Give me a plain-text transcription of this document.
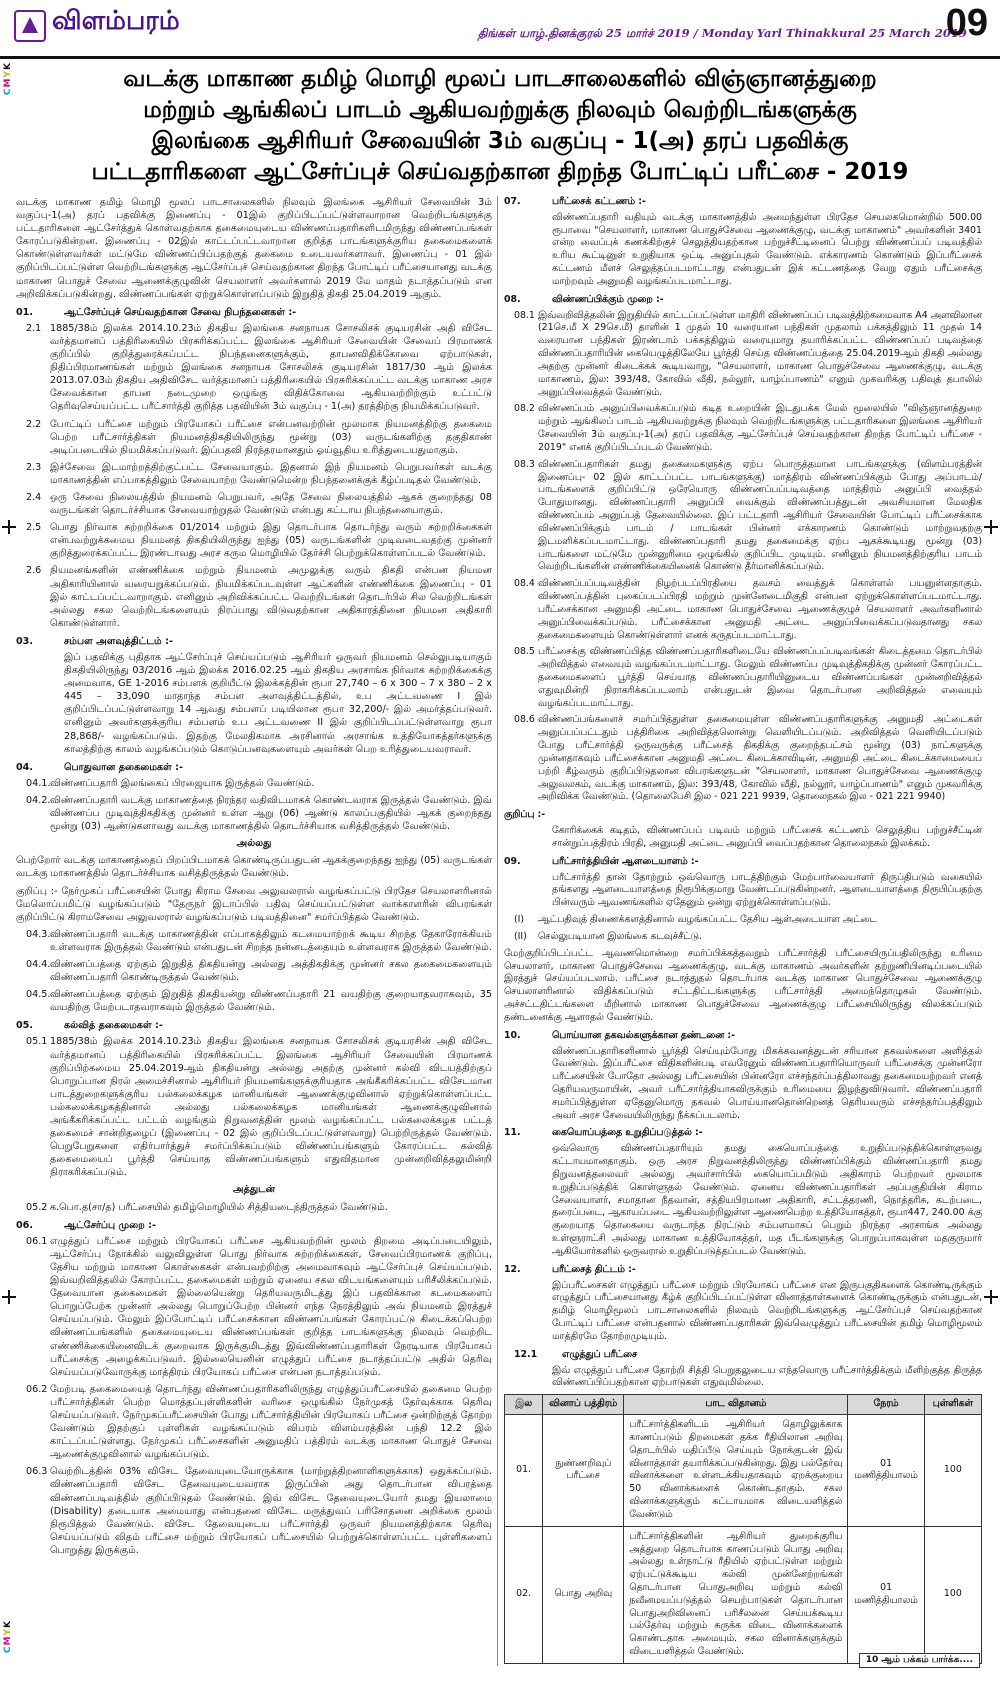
விளம்பரம்	திங்கள் யாழ்.தினக்குரல் 25 மார்ச் 2019 / Monday Yarl Thinakkural 25 March 2019
09
CMYK
CMYK
வடக்கு மாகாண தமிழ் மொழி மூலப் பாடசாலைகளில் விஞ்ஞானத்துறை
மற்றும் ஆங்கிலப் பாடம் ஆகியவற்றுக்கு நிலவும் வெற்றிடங்களுக்கு
இலங்கை ஆசிரியர் சேவையின் 3ம் வகுப்பு - 1(அ) தரப் பதவிக்கு
பட்டதாரிகளை ஆட்சேர்ப்புச் செய்வதற்கான திறந்த போட்டிப் பரீட்சை - 2019

வடக்கு மாகாண தமிழ் மொழி மூலப் பாடசாலைகளில் நிலவும் இலங்கை ஆசிரியர் சேவையின் 3ம் வகுப்பு-1(அ) தரப் பதவிக்கு இணைப்பு - 01இல் குறிப்பிடப்பட்டுள்ளவாறான வெற்றிடங்களுக்கு பட்டதாரிகளை ஆட்சேர்த்துக் கொள்வதற்காக தகைமையுடைய விண்ணப்பதாரிகளிடமிருந்து விண்ணப்பங்கள் கோரப்படுகின்றன. இணைப்பு - 02இல் காட்டப்பட்டவாறான குறித்த பாடங்களுக்குரிய தகைமைகளைக் கொண்டுள்ளவர்கள் மட்டுமே விண்ணப்பிப்பதற்குத் தகைமை உடையவர்களாவர். இணைப்பு - 01 இல் குறிப்பிடப்பட்டுள்ள வெற்றிடங்களுக்கு ஆட்சேர்ப்புச் செய்வதற்கான திறந்த போட்டிப் பரீட்சையானது வடக்கு மாகாண பொதுச் சேவை ஆணைக்குழுவின் செயலாளர் அவர்களால் 2019 மே மாதம் நடாத்தப்படும் என அறிவிக்கப்படுகின்றது. விண்ணப்பங்கள் ஏற்றுக்கொள்ளப்படும் இறுதித் திகதி 25.04.2019 ஆகும்.

01.	ஆட்சேர்ப்புச் செய்வதற்கான சேவை நிபந்தனைகள் :-
2.1 1885/38ம் இலக்க 2014.10.23ம் திகதிய இலங்கை சனநாயக சோசலிசக் குடியரசின் அதி விசேட வர்த்தமானப் பத்திரிகையில் பிரசுரிக்கப்பட்ட இலங்கை ஆசிரியர் சேவையின் சேவைப் பிரமாணக் குறிப்பில் குறித்துரைக்கப்பட்ட நிபந்தனைகளுக்கும், தாபனவிதிக்கோவை ஏற்பாடுகள், நிதிப்பிரமாணங்கள் மற்றும் இலங்கை சனநாயக சோசலிசக் குடியரசின் 1817/30 ஆம் இலக்க 2013.07.03ம் திகதிய அதிவிசேட வர்த்தமானப் பத்திரிகையில் பிரசுரிக்கப்பட்ட வடக்கு மாகாண அரச சேவைக்கான தாபன நடைமுறை ஒழுங்கு விதிக்கோவை ஆகியவற்றிற்கும் உட்பட்டு தெரிவுசெய்யப்பட்ட பரீட்சார்த்தி குறித்த பதவியின் 3ம் வகுப்பு - 1(அ) தரத்திற்கு நியமிக்கப்படுவர்.
2.2 போட்டிப் பரீட்சை மற்றும் பிரயோகப் பரீட்சை என்பனவற்றின் மூலமாக நியமனத்திற்கு தகைமை பெற்ற பரீட்சார்த்திகள் நியமனத்திகதியிலிருந்து மூன்று (03) வருடங்களிற்கு தகுதிகாண் அடிப்படையில் நியமிக்கப்படுவர். இப்பதவி நிரந்தரமானதும் ஓய்வூதிய உரித்துடையதுமாகும்.
2.3 இச்சேவை இடமாற்றத்திற்குட்பட்ட சேவையாகும். இதனால் இந் நியமனம் பெறுபவர்கள் வடக்கு மாகாணத்தின் எப்பாகத்திலும் சேவையாற்ற வேண்டுமென்ற நிபந்தனைக்குக் கீழ்ப்படிதல் வேண்டும்.
2.4 ஒரு சேவை நிலையத்தில் நியமனம் பெறுபவர், அதே சேவை நிலையத்தில் ஆகக் குறைந்தது 08 வருடங்கள் தொடர்ச்சியாக சேவையாற்றுதல் வேண்டும் என்பது கட்டாய நிபந்தனையாகும்.
2.5 பொது நிர்வாக சுற்றறிக்கை 01/2014 மற்றும் இது தொடர்பாக தொடர்ந்து வரும் சுற்றறிக்கைகள் என்பவற்றுக்கமைய நியமனத் திகதியிலிருந்து ஐந்து (05) வருடங்களின் முடிவடைவதற்கு முன்னர் குறித்துரைக்கப்பட்ட இரண்டாவது அரச கரும மொழியில் தேர்ச்சி பெற்றுக்கொள்ளப்படல் வேண்டும்.
2.6 நியமனங்களின் எண்ணிக்கை மற்றும் நியமனம் அமுலுக்கு வரும் திகதி என்பன நியமன அதிகாரியினால் வரையறுக்கப்படும். நியமிக்கப்படவுள்ள ஆட்களின் எண்ணிக்கை இணைப்பு - 01 இல் காட்டப்பட்டவாறாகும். எனினும் அறிவிக்கப்பட்ட வெற்றிடங்கள் தொடர்பில் சில வெற்றிடங்கள் அல்லது சகல வெற்றிடங்களையும் நிரப்பாது விடுவதற்கான அதிகாரத்தினை நியமன அதிகாரி கொண்டுள்ளார்.
03.	சம்பள அளவுத்திட்டம் :-

இப் பதவிக்கு புதிதாக ஆட்சேர்ப்புச் செய்யப்படும் ஆசிரியர் ஒருவர் நியமனம் செல்லுபடியாகும் திகதியிலிருந்து 03/2016 ஆம் இலக்க 2016.02.25 ஆம் திகதிய அரசாங்க நிர்வாக சுற்றறிக்கைக்கு அமைவாக, GE 1-2016 சம்பளக் குறியீட்டு இலக்கத்தின் ரூபா 27,740 – 6 x 300 – 7 x 380 – 2 x 445 – 33,090 மாதாந்த சம்பள அளவுத்திட்டத்தில், உப அட்டவணை I இல் குறிப்பிடப்பட்டுள்ளவாறு 14 ஆவது சம்பளப் படியிலான ரூபா 32,200/- இல் அமர்த்தப்படுவர். எனினும் அவர்களுக்குரிய சம்பளம் உப அட்டவணை II இல் குறிப்பிடப்பட்டுள்ளவாறு ரூபா 28,868/- வழங்கப்படும். இதற்கு மேலதிகமாக அரசினால் அரசாங்க உத்தியோகத்தர்களுக்கு காலத்திற்கு காலம் வழங்கப்படும் கொடுப்பனவுகளையும் அவர்கள் பெற உரித்துடையவராவர்.

04.	பொதுவான தகைமைகள் :-
04.1. விண்ணப்பதாரி இலங்கைப் பிரஜையாக இருத்தல் வேண்டும்.
04.2. விண்ணப்பதாரி வடக்கு மாகாணத்தை நிரந்தர வதிவிடமாகக் கொண்டவராக இருத்தல் வேண்டும். இவ் விண்ணப்ப முடிவுத்திகதிக்கு முன்னர் உள்ள ஆறு (06) ஆண்டு காலப்பகுதியில் ஆகக் குறைந்தது மூன்று (03) ஆண்டுகளாவது வடக்கு மாகாணத்தில் தொடர்ச்சியாக வசித்திருத்தல் வேண்டும்.
அல்லது

பெற்றோர் வடக்கு மாகாணத்தைப் பிறப்பிடமாகக் கொண்டிருப்பதுடன் ஆகக்குறைந்தது ஐந்து (05) வருடங்கள் வடக்கு மாகாணத்தில் தொடர்ச்சியாக வசித்திருத்தல் வேண்டும்.

குறிப்பு :- நேர்முகப் பரீட்சையின் போது கிராம சேவை அலுவலரால் வழங்கப்பட்டு பிரதேச செயலாளரினால் மேலொப்பமிட்டு வழங்கப்படும் "தேருநர் இடாப்பில் பதிவு செய்யப்பட்டுள்ள வாக்காளரின் விபரங்கள் குறிப்பிட்டு கிராமசேவை அலுவலரால் வழங்கப்படும் படிவத்தினை" சமர்ப்பித்தல் வேண்டும்.

04.3. விண்ணப்பதாரி வடக்கு மாகாணத்தின் எப்பாகத்திலும் கடமையாற்றக் கூடிய சிறந்த தேகாரோக்கியம் உள்ளவராக இருத்தல் வேண்டும் என்பதுடன் சிறந்த நன்னடத்தையும் உள்ளவராக இருத்தல் வேண்டும்.
04.4. விண்ணப்பத்தை ஏற்கும் இறுதித் திகதியன்று அல்லது அத்திகதிக்கு முன்னர் சகல தகைமைகளையும் விண்ணப்பதாரி கொண்டிருத்தல் வேண்டும்.
04.5. விண்ணப்பத்தை ஏற்கும் இறுதித் திகதியன்று விண்ணப்பதாரி 21 வயதிற்கு குறையாதவராகவும், 35 வயதிற்கு மேற்படாதவராகவும் இருத்தல் வேண்டும்.
05.	கல்வித் தகைமைகள் :-
05.1 1885/38ம் இலக்க 2014.10.23ம் திகதிய இலங்கை சனநாயக சோசலிசக் குடியரசின் அதி விசேட வர்த்தமானப் பத்திரிகையில் பிரசுரிக்கப்பட்ட இலங்கை ஆசிரியர் சேவையின் பிரமாணக் குறிப்பிற்கமைய 25.04.2019ஆம் திகதியன்று அல்லது அதற்கு முன்னர் கல்வி விடயத்திற்குப் பொறுப்பான நிரல் அமைச்சினால் ஆசிரியர் நியமனங்களுக்குரியதாக அங்கீகரிக்கப்பட்ட விசேடமான பாடத்துறைகளுக்குரிய பல்கலைக்கழக மானியங்கள் ஆணைக்குழுவினால் ஏற்றுக்கொள்ளப்பட்ட பல்கலைக்கழகத்தினால் அல்லது பல்கலைக்கழக மானியங்கள் ஆணைக்குழுவினால் அங்கீகரிக்கப்பட்ட பட்டம் வழங்கும் நிறுவனத்தின் மூலம் வழங்கப்பட்ட பல்கலைக்கழக பட்டத் தகைமைச் சான்றிதழைப் (இணைப்பு - 02 இல் குறிப்பிடப்பட்டுள்ளவாறு) பெற்றிருத்தல் வேண்டும். பெறுபேறுகளை எதிர்பார்த்துச் சமர்ப்பிக்கப்படும் விண்ணப்பங்களும் கோரப்பட்ட கல்வித் தகைமையைப் பூர்த்தி செய்யாத விண்ணப்பங்களும் எதுவிதமான முன்னறிவித்தலுமின்றி நிராகரிக்கப்படும்.
அத்துடன்
05.2 க.பொ.த(சா/த) பரீட்சையில் தமிழ்மொழியில் சித்தியடைந்திருத்தல் வேண்டும்.
06.	ஆட்சேர்ப்பு முறை :-
06.1 எழுத்துப் பரீட்சை மற்றும் பிரயோகப் பரீட்சை ஆகியவற்றின் மூலம் திறமை அடிப்படையிலும், ஆட்சேர்ப்பு நோக்கில் வலுவிலுள்ள பொது நிர்வாக சுற்றறிக்கைகள், சேவைப்பிரமாணக் குறிப்பு, தேசிய மற்றும் மாகாண கொள்கைகள் என்பவற்றிற்கு அமைவாகவும் ஆட்சேர்ப்புச் செய்யப்படும். இவ்வறிவித்தலில் கோரப்பட்ட தகைமைகள் மற்றும் ஏனைய சகல விடயங்களையும் பரிசீலிக்கப்படும். தேவையான தகைமைகள் இல்லையென்று தெரியவருமிடத்து இப் பதவிக்கான கடமைகளைப் பொறுப்பேற்க முன்னர் அல்லது பொறுப்பேற்ற பின்னர் எந்த நேரத்திலும் அவ் நியமனம் இரத்துச் செய்யப்படும். மேலும் இப்போட்டிப் பரீட்சைக்கான விண்ணப்பங்கள் கோரப்பட்டு கிடைக்கப்பெற்ற விண்ணப்பங்களில் தகைமையுடைய விண்ணப்பங்கள் குறித்த பாடங்களுக்கு நிலவும் வெற்றிட எண்ணிக்கையினைவிடக் குறைவாக இருக்குமிடத்து இவ்விண்ணப்பதாரிகள் நேரடியாக பிரயோகப் பரீட்சைக்கு அழைக்கப்படுவர். இல்லையெனின் எழுத்துப் பரீட்சை நடாத்தப்பட்டு அதில் தெரிவு செய்யப்படுவோருக்கு மாத்திரம் பிரயோகப் பரீட்சை என்பன நடாத்தப்படும்.
06.2 மேற்படி தகைமையைத் தொடர்ந்து விண்ணப்பதாரிகளிலிருந்து எழுத்துப்பரீட்சையில் தகைமை பெற்ற பரீட்சார்த்திகள் பெற்ற மொத்தப்புள்ளிகளின் வரிசை ஒழுங்கில் நேர்முகத் தேர்வுக்காக தெரிவு செய்யப்படுவர். நேர்முகப்பரீட்சையின் போது பரீட்சார்த்தியின் பிரயோகப் பரீட்சை ஒன்றிற்குத் தோற்ற வேண்டும் இதற்குப் புள்ளிகள் வழங்கப்படும் விபரம் விளம்பரத்தின் பந்தி 12.2 இல் காட்டப்பட்டுள்ளது. நேர்முகப் பரீட்சைகளின் அனுமதிப் பத்திரம் வடக்கு மாகாண பொதுச் சேவை ஆணைக்குழுவினால் வழங்கப்படும்.
06.3 வெற்றிடத்தின் 03% விசேட தேவையுடையோருக்காக (மாற்றுத்திறனாளிகளுக்காக) ஒதுக்கப்படும். விண்ணப்பதாரி விசேட தேவையுடையவராக இருப்பின் அது தொடர்பான விபரத்தை விண்ணப்படிவத்தில் குறிப்பிடுதல் வேண்டும். இவ் விசேட தேவையுடையோர் தமது இயலாமை (Disability) தடையாக அமையாது என்பதனை விசேட மருத்துவப் பரிசோதனை அறிக்கை மூலம் நிரூபித்தல் வேண்டும். விசேட தேவையுடைய பரீட்சார்த்தி ஒருவர் நியமனத்திற்காக தெரிவு செய்யப்படும் விதம் பரீட்சை மற்றும் பிரயோகப் பரீட்சையில் பெற்றுக்கொள்ளப்பட்ட புள்ளிகளைப் பொறுத்து இருக்கும்.
07.	பரீட்சைக் கட்டணம் :-

விண்ணப்பதாரி வதியும் வடக்கு மாகாணத்தில் அமைந்துள்ள பிரதேச செயலகமொன்றில் 500.00 ரூபாவை "செயலாளர், மாகாண பொதுச்சேவை ஆணைக்குழு, வடக்கு மாகாணம்" அவர்களின் 3401 என்ற வைப்புக் கணக்கிற்குச் செலுத்தியதற்கான பற்றுச்சீட்டினைப் பெற்று விண்ணப்பப் படிவத்தில் உரிய கூட்டினுள் உறுதியாக ஒட்டி அனுப்புதல் வேண்டும். எக்காரணம் கொண்டும் இப்பரீட்சைக் கட்டணம் மீளச் செலுத்தப்படமாட்டாது என்பதுடன் இக் கட்டணத்தை வேறு ஏதும் பரீட்சைக்கு மாற்றவும் அனுமதி வழங்கப்படமாட்டாது.

08.	விண்ணப்பிக்கும் முறை :-
08.1 இவ்வறிவித்தலின் இறுதியில் காட்டப்பட்டுள்ள மாதிரி விண்ணப்பப் படிவத்திற்கமைவாக A4 அளவிலான (21செ.மீ X 29செ.மீ) தாளின் 1 முதல் 10 வரையான பந்திகள் முதலாம் பக்கத்திலும் 11 முதல் 14 வரையான பந்திகள் இரண்டாம் பக்கத்திலும் வரையுமாறு தயாரிக்கப்பட்ட விண்ணப்பப் படிவத்தை விண்ணப்பதாரியின் கையெழுத்திலேயே பூர்த்தி செய்த விண்ணப்பத்தை 25.04.2019ஆம் திகதி அல்லது அதற்கு முன்னர் கிடைக்கக் கூடியவாறு, "செயலாளர், மாகாண பொதுச்சேவை ஆணைக்குழு, வடக்கு மாகாணம், இல: 393/48, கோவில் வீதி, நல்லூர், யாழ்ப்பாணம்" எனும் முகவரிக்கு பதிவுத் தபாலில் அனுப்பிவைத்தல் வேண்டும்.
08.2 விண்ணப்பம் அனுப்பிவைக்கப்படும் கடித உறையின் இடதுபக்க மேல் மூலையில் "விஞ்ஞானத்துறை மற்றும் ஆங்கிலப் பாடம் ஆகியவற்றுக்கு நிலவும் வெற்றிடங்களுக்கு பட்டதாரிகளை இலங்கை ஆசிரியர் சேவையின் 3ம் வகுப்பு-1(அ) தரப் பதவிக்கு ஆட்சேர்ப்புச் செய்வதற்கான திறந்த போட்டிப் பரீட்சை - 2019" எனக் குறிப்பிடப்படல் வேண்டும்.
08.3 விண்ணப்பதாரிகள் தமது தகைமைகளுக்கு ஏற்ப பொருத்தமான பாடங்களுக்கு (விளம்பரத்தின் இணைப்பு- 02 இல் காட்டப்பட்ட பாடங்களுக்கு) மாத்திரம் விண்ணப்பிக்கும் போது அப்பாடம்/பாடங்களைக் குறிப்பிட்டு ஒரேயொரு விண்ணப்பப்படிவத்தை மாத்திரம் அனுப்பி வைத்தல் போதுமானது. விண்ணப்பதாரி அனுப்பி வைக்கும் விண்ணப்பத்துடன் அவசியமான மேலதிக விண்ணப்பம் அனுப்பத் தேவையில்லை. இப் பட்டதாரி ஆசிரியர் சேவையின் போட்டிப் பரீட்சைக்காக விண்ணப்பிக்கும் பாடம் / பாடங்கள் பின்னர் எக்காரணம் கொண்டும் மாற்றுவதற்கு இடமளிக்கப்படமாட்டாது. விண்ணப்பதாரி தமது தகைமைக்கு ஏற்ப ஆகக்கூடியது மூன்று (03) பாடங்களை மட்டுமே முன்னுரிமை ஒழுங்கில் குறிப்பிட முடியும். எனினும் நியமனத்திற்குரிய பாடம் வெற்றிடங்களின் எண்ணிக்கையினைக் கொண்டு தீர்மானிக்கப்படும்.
08.4 விண்ணப்பப்படிவத்தின் நிழற்படப்பிரதியை தவசம் வைத்துக் கொள்ளல் பயனுள்ளதாகும். விண்ணப்பத்தின் புகைப்படப்பிரதி மற்றும் முன்னேடைமிகுதி என்பன ஏற்றுக்கொள்ளப்படமாட்டாது. பரீட்சைக்கான அனுமதி அட்டை மாகாண பொதுச்சேவை ஆணைக்குழுச் செயலாளர் அவர்களினால் அனுப்பிவைக்கப்படும். பரீட்சைக்கான அனுமதி அட்டை அனுப்பிவைக்கப்படுவதானது சகல தகைமைகளையும் கொண்டுள்ளார் எனக் கருதப்படமாட்டாது.
08.5 பரீட்சைக்கு விண்ணப்பித்த விண்ணப்பதாரிகளிடையே விண்ணப்பப்படிவங்கள் கிடைத்தமை தொடர்பில் அறிவித்தல் எவையும் வழங்கப்படமாட்டாது. மேலும் விண்ணப்ப முடிவுத்திகதிக்கு முன்னர் கோரப்பட்ட தகைமைகளைப் பூர்த்தி செய்யாத விண்ணப்பதாரியினுடைய விண்ணப்பங்கள் முன்னறிவித்தல் எதுவுமின்றி நிராகரிக்கப்படலாம் என்பதுடன் இவை தொடர்பான அறிவித்தல் எவையும் வழங்கப்படமாட்டாது.
08.6 விண்ணப்பங்களைச் சமர்ப்பித்துள்ள தகைமையுள்ள விண்ணப்பதாரிகளுக்கு அனுமதி அட்டைகள் அனுப்பப்பட்டதும் பத்திரிகை அறிவித்தலொன்று வெளியிடப்படும். அறிவித்தல் வெளியிடப்படும் போது பரீட்சார்த்தி ஒருவருக்கு பரீட்சைத் திகதிக்கு குறைந்தபட்சம் மூன்று (03) நாட்களுக்கு முன்னதாகவும் பரீட்சைக்கான அனுமதி அட்டை கிடைக்காவிடின், அனுமதி அட்டை கிடைக்காமையைப் பற்றி கீழ்வரும் குறிப்பிடுதலான விபரங்களுடன் "செயலாளர், மாகாண பொதுச்சேவை ஆணைக்குழு அலுவலகம், வடக்கு மாகாணம், இல: 393/48, கோவில் வீதி, நல்லூர், யாழ்ப்பாணம்" எனும் முகவரிக்கு அறிவிக்க வேண்டும். (தொலைபேசி இல - 021 221 9939, தொலைநகல் இல - 021 221 9940)
குறிப்பு :-

கோரிக்கைக் கடிதம், விண்ணப்பப் படிவம் மற்றும் பரீட்சைக் கட்டணம் செலுத்திய பற்றுச்சீட்டின் சான்றுப்பத்திரம் பிரதி, அனுமதி அட்டை அனுப்பி வைப்பதற்கான தொலைநகல் இலக்கம்.

09.	பரீட்சார்த்தியின் ஆளடையாளம் :-

பரீட்சார்த்தி தான் தோற்றும் ஒவ்வொரு பாடத்திற்கும் மேற்பார்வையாளர் திருப்திபடும் வகையில் தங்களது ஆளடையாளத்தை நிரூபிக்குமாறு வேண்டப்படுகின்றனர். ஆளடையாளத்தை நிரூபிப்பதற்கு பின்வரும் ஆவணங்களில் ஏதேனும் ஒன்று ஏற்றுக்கொள்ளப்படும்.

(I)	ஆட்பதிவுத் திணைக்களத்தினால் வழங்கப்பட்ட தேசிய ஆள்அடையாள அட்டை
(II)	செல்லுபடியான இலங்கை கடவுச்சீட்டு.

மேற்குறிப்பிடப்பட்ட ஆவணமொன்றை சமர்ப்பிக்கத்தவறும் பரீட்சார்த்தி பரீட்சையிருப்பதிலிருந்து உரிமை செயலாளர், மாகாண பொதுச்சேவை ஆணைக்குழு, வடக்கு மாகாணம் அவர்களின் தற்றுணிபினடிப்படையில் இரத்துச் செய்யப்படலாம். பரீட்சை நடாத்துதல் தொடர்பாக வடக்கு மாகாண பொதுச்சேவை ஆணைக்குழு செயலாளரினால் விதிக்கப்படும் சட்டதிட்டங்களுக்கு பரீட்சார்த்தி அமைந்தொழுகல் வேண்டும். அச்சட்டதிட்டங்களை மீறினால் மாகாண பொதுச்சேவை ஆணைக்குழு பரீட்சையிலிருந்து விலக்கப்படும் தண்டனைக்கு ஆளாதல் வேண்டும்.

10.	பொய்யான தகவல்களுக்கான தண்டனை :-

விண்ணப்பதாரிகளினால் பூர்த்தி செய்யும்போது மிகக்கவனத்துடன் சரியான தகவல்களை அளித்தல் வேண்டும். இப்பரீட்சை விதிகளின்படி எவரேனும் விண்ணப்பதாரியொருவர் பரீட்சைக்கு முன்னரோ பரீட்சையின் போதோ அல்லது பரீட்சையின் பின்னரோ எச்சந்தர்ப்பத்திலாவது தகைமையற்றவர் எனத் தெரியவருமாயின், அவர் பரீட்சார்த்தியாகவிருக்கும் உரிமையை இழந்துவிடுவார். விண்ணப்பதாரி சமர்ப்பித்துள்ள ஏதேனுமொரு தகவல் பொய்யானதொன்றெனத் தெரியவரும் எச்சந்தர்ப்பத்திலும் அவர் அரச சேவையிலிருந்து நீக்கப்படலாம்.

11.	கையொப்பத்தை உறுதிப்படுத்தல் :-

ஒவ்வொரு விண்ணப்பதாரியும் தமது கையொப்பத்தை உறுதிப்படுத்திக்கொள்ளுவது கட்டாயமானதாகும். ஒரு அரச நிறுவனத்திலிருந்து விண்ணப்பிக்கும் விண்ணப்பதாரி தமது நிறுவனத்தலைவர் அல்லது அவர்சார்பில் கையொப்பமிடும் அதிகாரம் பெற்றவர் மூலமாக உறுதிப்படுத்திக் கொள்ளுதல் வேண்டும். ஏனைய விண்ணப்பதாரிகள் அப்பகுதியின் கிராம சேவையாளர், சமாதான நீதவான், சத்தியபிரமாண அதிகாரி, சட்டத்தரணி, நொத்தரிசு, கடற்படை, தரைப்படை, ஆகாயப்படை ஆகியவற்றிலுள்ள ஆணைபெற்ற உத்தியோகத்தர், ரூபா447, 240.00 க்கு குறையாத தொகையை வருடாந்த நிரட்டும் சம்பளமாகப் பெறும் நிரந்தர அரசாங்க அல்லது உள்ளூராட்சி அல்லது மாகாண உத்தியோகத்தர், மத பீடங்களுக்கு பொறுப்பாகவுள்ள மதகுருமார் ஆகியோர்களில் ஒருவரால் உறுதிப்படுத்தப்படல் வேண்டும்.

12.	பரீட்சைத் திட்டம் :-

இப்பரீட்சைகள் எழுத்துப் பரீட்சை மற்றும் பிரயோகப் பரீட்சை என இருபகுதிகளைக் கொண்டிருக்கும் எழுத்துப் பரீட்சையானது கீழ்க் குறிப்பிடப்பட்டுள்ள வினாத்தாள்களைக் கொண்டிருக்கும் என்பதுடன், தமிழ் மொழிமூலப் பாடசாலைகளில் நிலவும் வெற்றிடங்களுக்கு ஆட்சேர்ப்புச் செய்வதற்கான போட்டிப் பரீட்சை என்பதனால் விண்ணப்பதாரிகள் இவ்வெழுத்துப் பரீட்சையின் தமிழ் மொழிமூலம் மாத்திரமே தோற்றமுடியும்.

12.1	எழுத்துப் பரீட்சை

இவ் எழுத்துப் பரீட்சை தோற்றி சித்தி பெறுதலுடைய எந்தவொரு பரீட்சார்த்திக்கும் மீளிற்குத்த திருத்த விண்ணப்பிப்பதற்கான ஏற்பாடுகள் எதுவுமில்லை.

இல	வினாப் பத்திரம்	பாட விதானம்	நேரம்	புள்ளிகள்
01.	நுண்ணறிவுப் பரீட்சை	பரீட்சார்த்திகளிடம் ஆசிரியர் தொழிலுக்காக காணப்படும் திறமைகள் தக்க ரீதியிலான அறிவு தொடர்பில் மதிப்பீடு செய்யும் நோக்குடன் இவ் வினாத்தாள் தயாரிக்கப்படுகின்றது. இது பல்தேர்வு வினாக்களை உள்ளடக்கியதாகவும் ஏறக்குறைய 50 வினாக்களைக் கொண்டதாகும். சகல வினாக்களுக்கும் கட்டாயமாக விடையளித்தல் வேண்டும்	01 மணித்தியாலம்	100
02.	பொது அறிவு	பரீட்சார்த்திகளின் ஆசிரியர் துறைக்குரிய அத்துறை தொடர்பாக காணப்படும் பொது அறிவு அல்லது உள்நாட்டு ரீதியில் ஏற்பட்டுள்ள மற்றும் ஏற்பட்டுக்கூடிய கல்வி முன்னேற்றங்கள் தொடர்பான பொதுஅறிவு மற்றும் கல்வி நவீனமயப்படுத்தல் செயற்பாடுகள் தொடர்பான பொதுஅறிவினைப் பரிசீலனை செய்யக்கூடிய பல்தேர்வு மற்றும் சுருக்க விடை வினாக்களைக் கொண்டதாக அமையும். சகல வினாக்களுக்கும் விடையளித்தல் வேண்டும்.	01 மணித்தியாலம்	100
10 ஆம் பக்கம் பார்க்க....
